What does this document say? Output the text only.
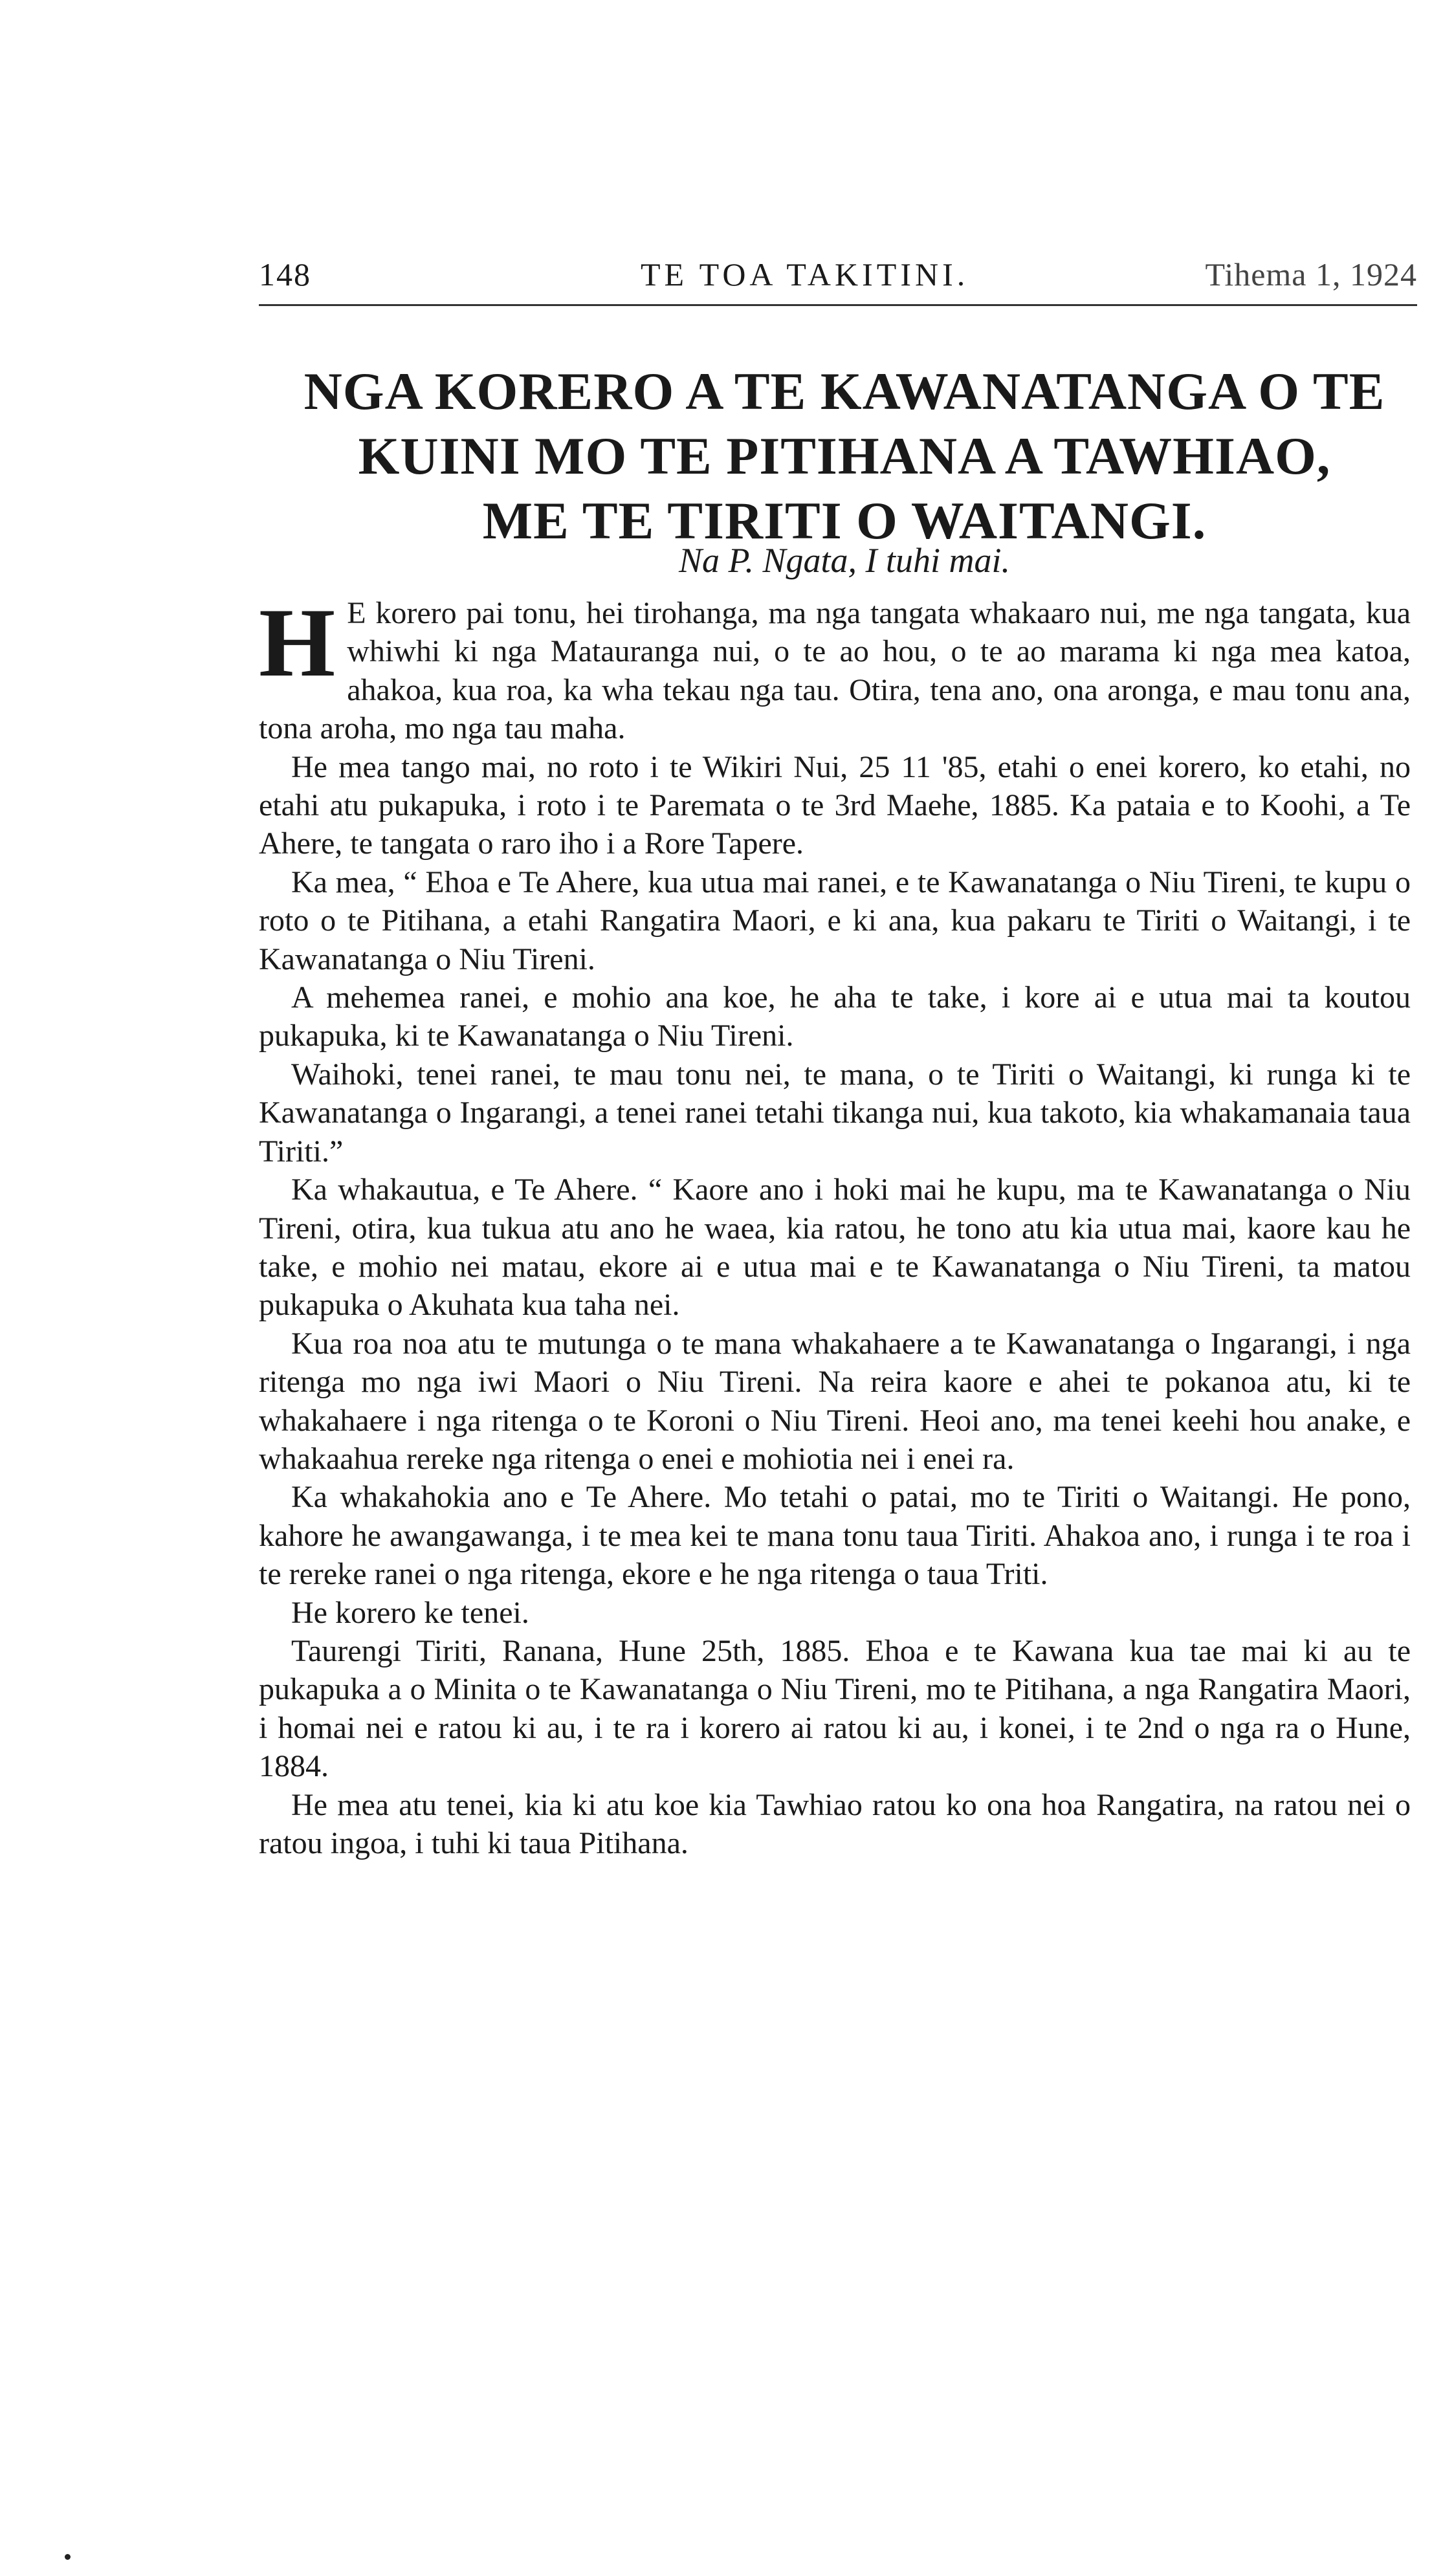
148	TE TOA TAKITINI.	Tihema 1, 1924
NGA KORERO A TE KAWANATANGA O TE
KUINI MO TE PITIHANA A TAWHIAO,
ME TE TIRITI O WAITANGI.
Na P. Ngata, I tuhi mai.

H E korero pai tonu, hei tirohanga, ma nga tangata whakaaro nui, me nga tangata, kua whiwhi ki nga Matauranga nui, o te ao hou, o te ao marama ki nga mea katoa, ahakoa, kua roa, ka wha tekau nga tau. Otira, tena ano, ona aronga, e mau tonu ana, tona aroha, mo nga tau maha.

He mea tango mai, no roto i te Wikiri Nui, 25 11 '85, etahi o enei korero, ko etahi, no etahi atu pukapuka, i roto i te Paremata o te 3rd Maehe, 1885. Ka pataia e to Koohi, a Te Ahere, te tangata o raro iho i a Rore Tapere.

Ka mea, “ Ehoa e Te Ahere, kua utua mai ranei, e te Kawanatanga o Niu Tireni, te kupu o roto o te Pitihana, a etahi Rangatira Maori, e ki ana, kua pakaru te Tiriti o Waitangi, i te Kawanatanga o Niu Tireni.

A mehemea ranei, e mohio ana koe, he aha te take, i kore ai e utua mai ta koutou pukapuka, ki te Kawanatanga o Niu Tireni.

Waihoki, tenei ranei, te mau tonu nei, te mana, o te Tiriti o Waitangi, ki runga ki te Kawanatanga o Ingarangi, a tenei ranei tetahi tikanga nui, kua takoto, kia whakamanaia taua Tiriti.”

Ka whakautua, e Te Ahere. “ Kaore ano i hoki mai he kupu, ma te Kawanatanga o Niu Tireni, otira, kua tukua atu ano he waea, kia ratou, he tono atu kia utua mai, kaore kau he take, e mohio nei matau, ekore ai e utua mai e te Kawanatanga o Niu Tireni, ta matou pukapuka o Akuhata kua taha nei.

Kua roa noa atu te mutunga o te mana whakahaere a te Kawanatanga o Ingarangi, i nga ritenga mo nga iwi Maori o Niu Tireni. Na reira kaore e ahei te pokanoa atu, ki te whakahaere i nga ritenga o te Koroni o Niu Tireni. Heoi ano, ma tenei keehi hou anake, e whakaahua rereke nga ritenga o enei e mohiotia nei i enei ra.

Ka whakahokia ano e Te Ahere. Mo tetahi o patai, mo te Tiriti o Waitangi. He pono, kahore he awangawanga, i te mea kei te mana tonu taua Tiriti. Ahakoa ano, i runga i te roa i te rereke ranei o nga ritenga, ekore e he nga ritenga o taua Triti.

He korero ke tenei.

Taurengi Tiriti, Ranana, Hune 25th, 1885. Ehoa e te Kawana kua tae mai ki au te pukapuka a o Minita o te Kawanatanga o Niu Tireni, mo te Pitihana, a nga Rangatira Maori, i homai nei e ratou ki au, i te ra i korero ai ratou ki au, i konei, i te 2nd o nga ra o Hune, 1884.

He mea atu tenei, kia ki atu koe kia Tawhiao ratou ko ona hoa Rangatira, na ratou nei o ratou ingoa, i tuhi ki taua Pitihana.
